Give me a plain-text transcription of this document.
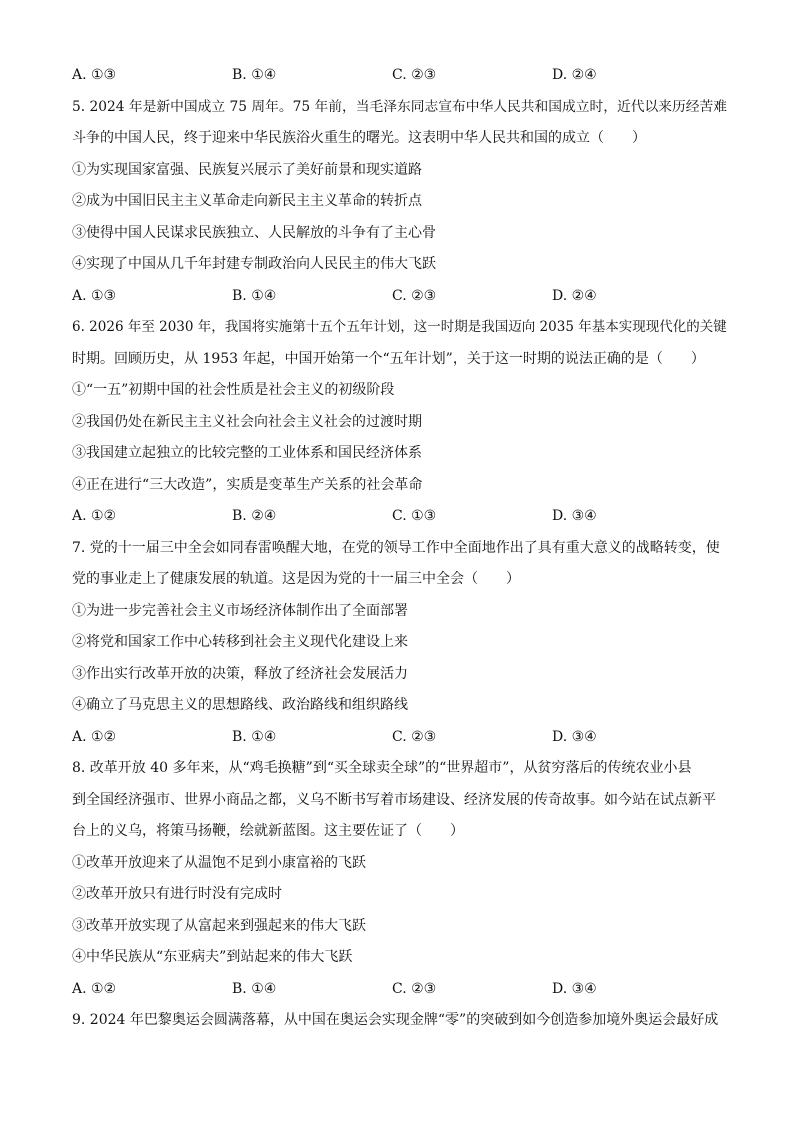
A. ①③	B. ①④	C. ②③	D. ②④
5. 2024 年是新中国成立 75 周年。75 年前，当毛泽东同志宣布中华人民共和国成立时，近代以来历经苦难
斗争的中国人民，终于迎来中华民族浴火重生的曙光。这表明中华人民共和国的成立（　　）
①为实现国家富强、民族复兴展示了美好前景和现实道路
②成为中国旧民主主义革命走向新民主主义革命的转折点
③使得中国人民谋求民族独立、人民解放的斗争有了主心骨
④实现了中国从几千年封建专制政治向人民民主的伟大飞跃
A. ①③	B. ①④	C. ②③	D. ②④
6. 2026 年至 2030 年，我国将实施第十五个五年计划，这一时期是我国迈向 2035 年基本实现现代化的关键
时期。回顾历史，从 1953 年起，中国开始第一个“五年计划”，关于这一时期的说法正确的是（　　）
①“一五”初期中国的社会性质是社会主义的初级阶段
②我国仍处在新民主主义社会向社会主义社会的过渡时期
③我国建立起独立的比较完整的工业体系和国民经济体系
④正在进行“三大改造”，实质是变革生产关系的社会革命
A. ①②	B. ②④	C. ①③	D. ③④
7. 党的十一届三中全会如同春雷唤醒大地，在党的领导工作中全面地作出了具有重大意义的战略转变，使
党的事业走上了健康发展的轨道。这是因为党的十一届三中全会（　　）
①为进一步完善社会主义市场经济体制作出了全面部署
②将党和国家工作中心转移到社会主义现代化建设上来
③作出实行改革开放的决策，释放了经济社会发展活力
④确立了马克思主义的思想路线、政治路线和组织路线
A. ①②	B. ①④	C. ②③	D. ③④
8. 改革开放 40 多年来，从“鸡毛换糖”到“买全球卖全球”的“世界超市”，从贫穷落后的传统农业小县
到全国经济强市、世界小商品之都，义乌不断书写着市场建设、经济发展的传奇故事。如今站在试点新平
台上的义乌，将策马扬鞭，绘就新蓝图。这主要佐证了（　　）
①改革开放迎来了从温饱不足到小康富裕的飞跃
②改革开放只有进行时没有完成时
③改革开放实现了从富起来到强起来的伟大飞跃
④中华民族从“东亚病夫”到站起来的伟大飞跃
A. ①②	B. ①④	C. ②③	D. ③④
9. 2024 年巴黎奥运会圆满落幕，从中国在奥运会实现金牌“零”的突破到如今创造参加境外奥运会最好成
